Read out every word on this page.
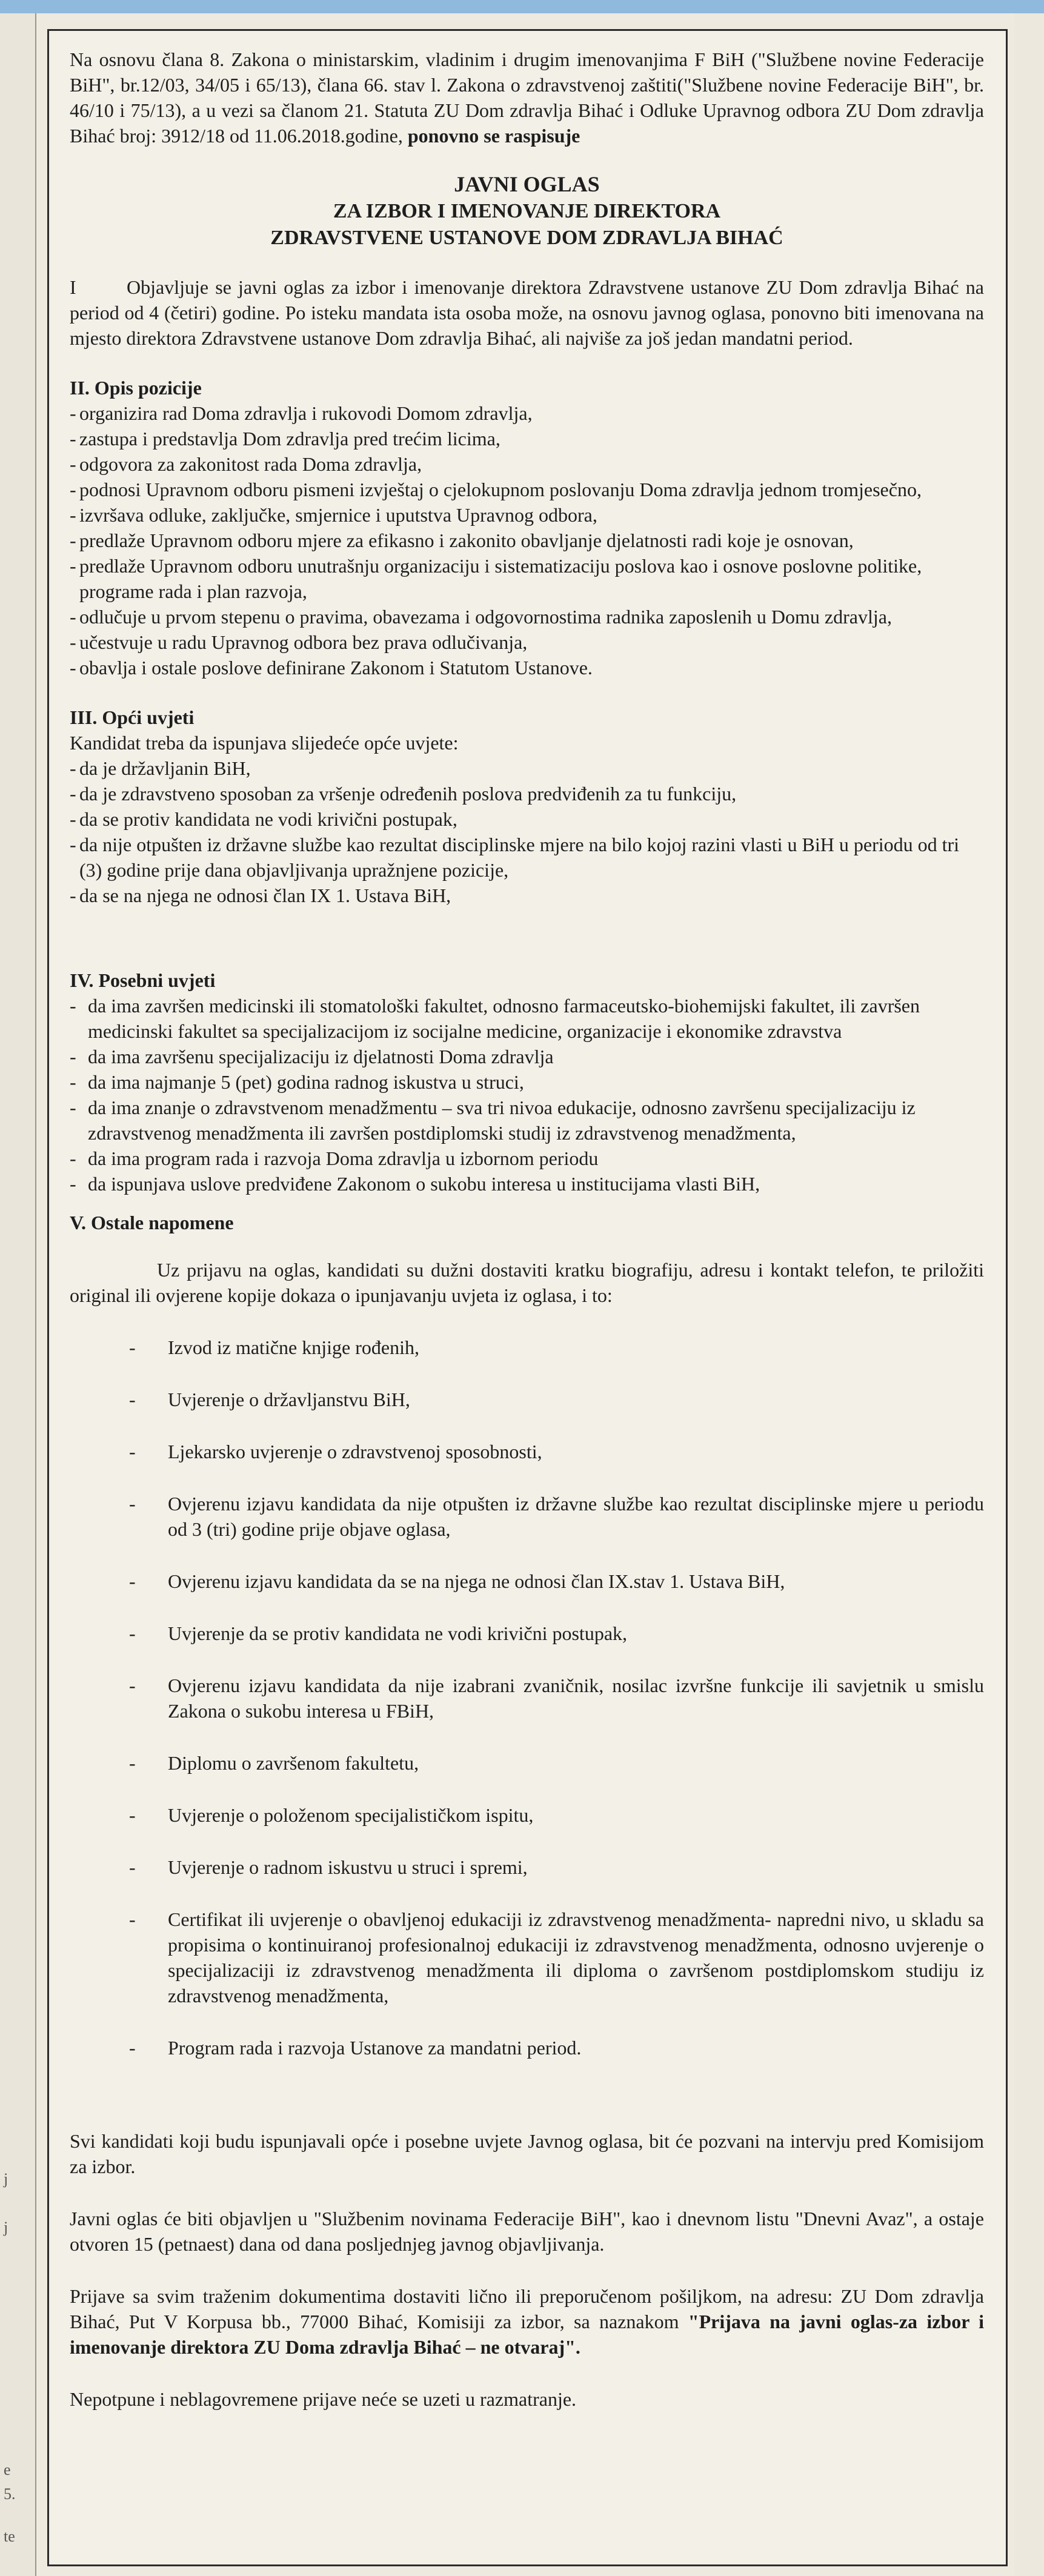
j
j
e
5.
te

Na osnovu člana 8. Zakona o ministarskim, vladinim i drugim imenovanjima F BiH ("Službene novine Federacije BiH", br.12/03, 34/05 i 65/13), člana 66. stav l. Zakona o zdravstvenoj zaštiti("Službene novine Federacije BiH", br. 46/10 i 75/13), a u vezi sa članom 21. Statuta ZU Dom zdravlja Bihać i Odluke Upravnog odbora ZU Dom zdravlja Bihać broj: 3912/18 od 11.06.2018.godine, ponovno se raspisuje

JAVNI OGLAS
ZA IZBOR I IMENOVANJE DIREKTORA
ZDRAVSTVENE USTANOVE DOM ZDRAVLJA BIHAĆ

I	Objavljuje se javni oglas za izbor i imenovanje direktora Zdravstvene ustanove ZU Dom zdravlja Bihać na period od 4 (četiri) godine. Po isteku mandata ista osoba može, na osnovu javnog oglasa, ponovno biti imenovana na mjesto direktora Zdravstvene ustanove Dom zdravlja Bihać, ali najviše za još jedan mandatni period.

II. Opis pozicije
- organizira rad Doma zdravlja i rukovodi Domom zdravlja,
- zastupa i predstavlja Dom zdravlja pred trećim licima,
- odgovora za zakonitost rada Doma zdravlja,
- podnosi Upravnom odboru pismeni izvještaj o cjelokupnom poslovanju Doma zdravlja jednom tromjesečno,
- izvršava odluke, zaključke, smjernice i uputstva Upravnog odbora,
- predlaže Upravnom odboru mjere za efikasno i zakonito obavljanje djelatnosti radi koje je osnovan,
- predlaže Upravnom odboru unutrašnju organizaciju i sistematizaciju poslova kao i osnove poslovne politike, programe rada i plan razvoja,
- odlučuje u prvom stepenu o pravima, obavezama i odgovornostima radnika zaposlenih u Domu zdravlja,
- učestvuje u radu Upravnog odbora bez prava odlučivanja,
- obavlja i ostale poslove definirane Zakonom i Statutom Ustanove.
III. Opći uvjeti

Kandidat treba da ispunjava slijedeće opće uvjete:

- da je državljanin BiH,
- da je zdravstveno sposoban za vršenje određenih poslova predviđenih za tu funkciju,
- da se protiv kandidata ne vodi krivični postupak,
- da nije otpušten iz državne službe kao rezultat disciplinske mjere na bilo kojoj razini vlasti u BiH u periodu od tri (3) godine prije dana objavljivanja upražnjene pozicije,
- da se na njega ne odnosi član IX 1. Ustava BiH,
IV. Posebni uvjeti
- da ima završen medicinski ili stomatološki fakultet, odnosno farmaceutsko-biohemijski fakultet, ili završen medicinski fakultet sa specijalizacijom iz socijalne medicine, organizacije i ekonomike zdravstva
- da ima završenu specijalizaciju iz djelatnosti Doma zdravlja
- da ima najmanje 5 (pet) godina radnog iskustva u struci,
- da ima znanje o zdravstvenom menadžmentu – sva tri nivoa edukacije, odnosno završenu specijalizaciju iz zdravstvenog menadžmenta ili završen postdiplomski studij iz zdravstvenog menadžmenta,
- da ima program rada i razvoja Doma zdravlja u izbornom periodu
- da ispunjava uslove predviđene Zakonom o sukobu interesa u institucijama vlasti BiH,
V. Ostale napomene

Uz prijavu na oglas, kandidati su dužni dostaviti kratku biografiju, adresu i kontakt telefon, te priložiti original ili ovjerene kopije dokaza o ipunjavanju uvjeta iz oglasa, i to:

- Izvod iz matične knjige rođenih,
- Uvjerenje o državljanstvu BiH,
- Ljekarsko uvjerenje o zdravstvenoj sposobnosti,
- Ovjerenu izjavu kandidata da nije otpušten iz državne službe kao rezultat disciplinske mjere u periodu od 3 (tri) godine prije objave oglasa,
- Ovjerenu izjavu kandidata da se na njega ne odnosi član IX.stav 1. Ustava BiH,
- Uvjerenje da se protiv kandidata ne vodi krivični postupak,
- Ovjerenu izjavu kandidata da nije izabrani zvaničnik, nosilac izvršne funkcije ili savjetnik u smislu Zakona o sukobu interesa u FBiH,
- Diplomu o završenom fakultetu,
- Uvjerenje o položenom specijalističkom ispitu,
- Uvjerenje o radnom iskustvu u struci i spremi,
- Certifikat ili uvjerenje o obavljenoj edukaciji iz zdravstvenog menadžmenta- napredni nivo, u skladu sa propisima o kontinuiranoj profesionalnoj edukaciji iz zdravstvenog menadžmenta, odnosno uvjerenje o specijalizaciji iz zdravstvenog menadžmenta ili diploma o završenom postdiplomskom studiju iz zdravstvenog menadžmenta,
- Program rada i razvoja Ustanove za mandatni period.

Svi kandidati koji budu ispunjavali opće i posebne uvjete Javnog oglasa, bit će pozvani na intervju pred Komisijom za izbor.

Javni oglas će biti objavljen u "Službenim novinama Federacije BiH", kao i dnevnom listu "Dnevni Avaz", a ostaje otvoren 15 (petnaest) dana od dana posljednjeg javnog objavljivanja.

Prijave sa svim traženim dokumentima dostaviti lično ili preporučenom pošiljkom, na adresu: ZU Dom zdravlja Bihać, Put V Korpusa bb., 77000 Bihać, Komisiji za izbor, sa naznakom "Prijava na javni oglas-za izbor i imenovanje direktora ZU Doma zdravlja Bihać – ne otvaraj".

Nepotpune i neblagovremene prijave neće se uzeti u razmatranje.
